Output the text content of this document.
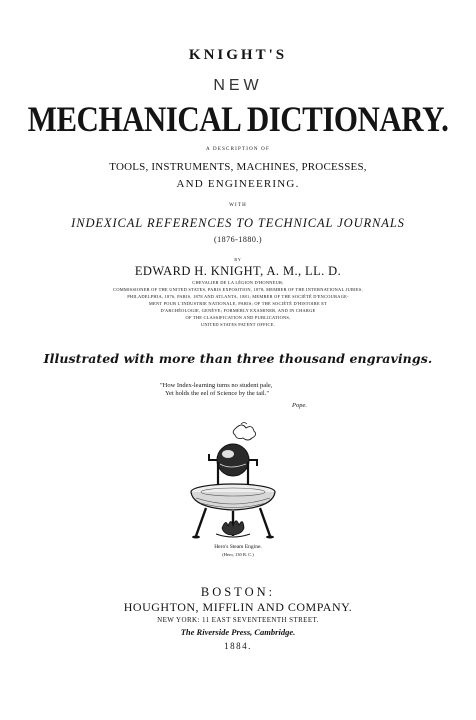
KNIGHT'S
NEW
MECHANICAL DICTIONARY.
A DESCRIPTION OF
TOOLS, INSTRUMENTS, MACHINES, PROCESSES,
AND ENGINEERING.
WITH
INDEXICAL REFERENCES TO TECHNICAL JOURNALS
(1876-1880.)
BY
EDWARD H. KNIGHT, A. M., LL. D.
CHEVALIER DE LA LÉGION D'HONNEUR;
COMMISSIONER OF THE UNITED STATES, PARIS EXPOSITION, 1878; MEMBER OF THE INTERNATIONAL JURIES,
PHILADELPHIA, 1876, PARIS, 1878 AND ATLANTA, 1881; MEMBER OF THE SOCIÉTÉ D'ENCOURAGE-
MENT POUR L'INDUSTRIE NATIONALE, PARIS; OF THE SOCIÉTÉ D'HISTOIRE ET
D'ARCHÉOLOGIE, GENÈVE; FORMERLY EXAMINER, AND IN CHARGE
OF THE CLASSIFICATION AND PUBLICATIONS,
UNITED STATES PATENT OFFICE.
Illustrated with more than three thousand engravings.
"How Index-learning turns no student pale,
Yet holds the eel of Science by the tail."
Pope.
Hero's Steam Engine.
(Hero, 130 B. C.)
BOSTON:
HOUGHTON, MIFFLIN AND COMPANY.
NEW YORK: 11 EAST SEVENTEENTH STREET.
The Riverside Press, Cambridge.
1884.
